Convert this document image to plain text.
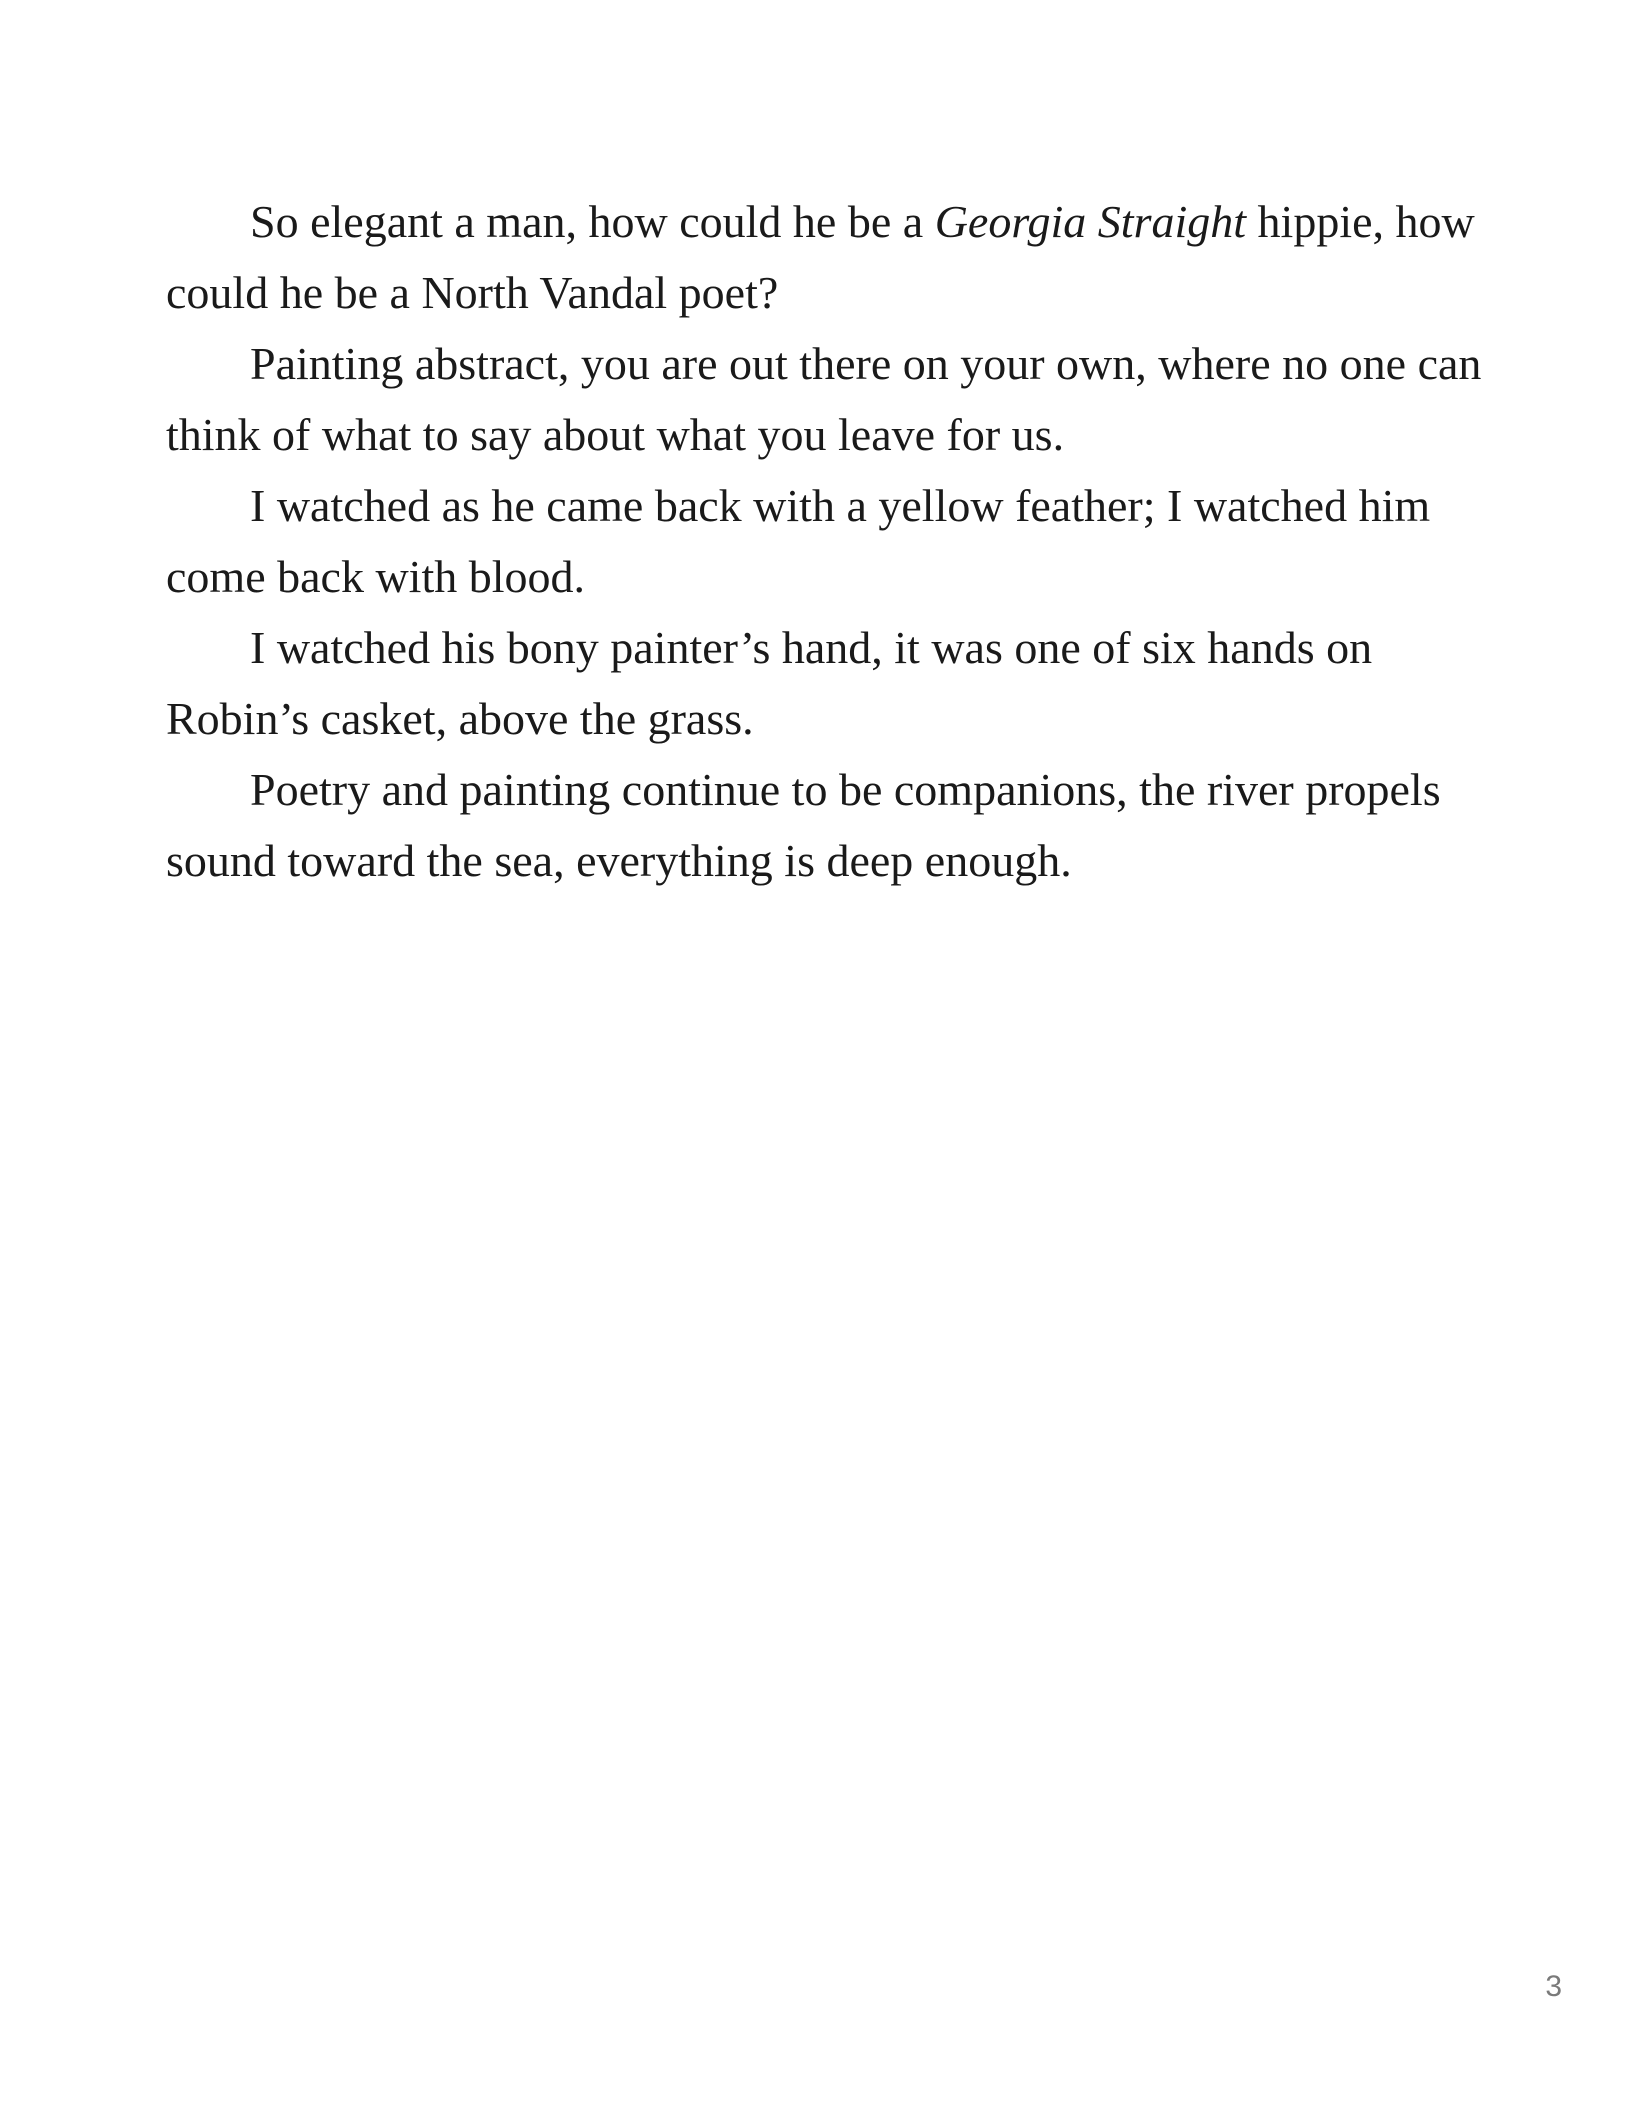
So elegant a man, how could he be a Georgia Straight hippie, how could he be a North Vandal poet?

Painting abstract, you are out there on your own, where no one can think of what to say about what you leave for us.

I watched as he came back with a yellow feather; I watched him come back with blood.

I watched his bony painter’s hand, it was one of six hands on Robin’s casket, above the grass.

Poetry and painting continue to be companions, the river propels sound toward the sea, everything is deep enough.

3
